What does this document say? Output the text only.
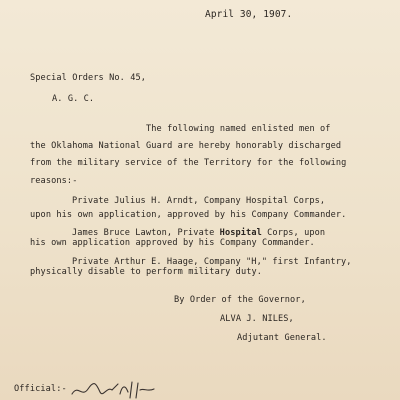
April 30, 1907.
Special Orders No. 45,
A. G. C.
The following named enlisted men of
the Oklahoma National Guard are hereby honorably discharged
from the military service of the Territory for the following
reasons:-
Private Julius H. Arndt, Company Hospital Corps,
upon his own application, approved by his Company Commander.
James Bruce Lawton, Private Hospital Corps, upon
his own application approved by his Company Commander.
Private Arthur E. Haage, Company "H," first Infantry,
physically disable to perform military duty.
By Order of the Governor,
ALVA J. NILES,
Adjutant General.
Official:-
